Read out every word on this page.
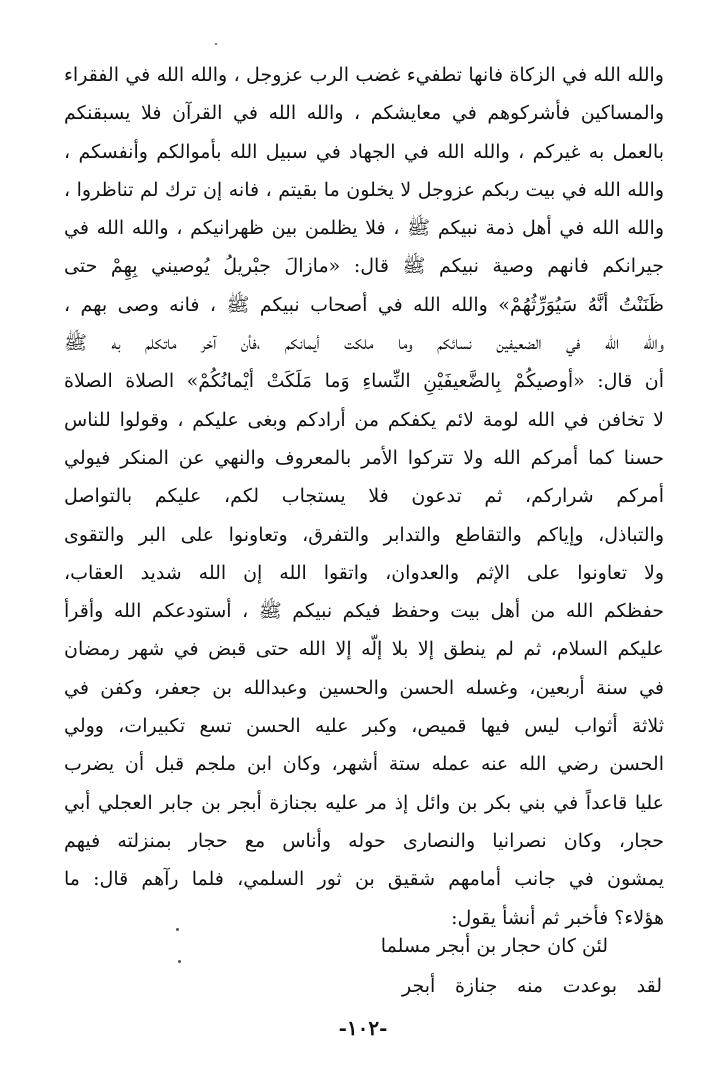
والله الله في الزكاة فانها تطفيء غضب الرب عزوجل ، والله الله في الفقراء
والمساكين فأشركوهم في معايشكم ، والله الله في القرآن فلا يسبقنكم
بالعمل به غيركم ، والله الله في الجهاد في سبيل الله بأموالكم وأنفسكم ،
والله الله في بيت ربكم عزوجل لا يخلون ما بقيتم ، فانه إن ترك لم تناظروا ،
والله الله في أهل ذمة نبيكم ﷺ ، فلا يظلمن بين ظهرانيكم ، والله الله في
جيرانكم فانهم وصية نبيكم ﷺ قال: «مازالَ جبْريلُ يُوصيني بِهِمْ حتى
ظَنَنْتُ أنَّهُ سَيُوَرِّثُهُمْ» والله الله في أصحاب نبيكم ﷺ ، فانه وصى بهم ،
والله الله في الضعيفين نسائكم وما ملكت أيمانكم ،فأن آخر ماتكلم به ﷺ
أن قال: «أوصيكُمْ بِالضَّعيفَيْنِ النِّساءِ وَما مَلَكَتْ أيْمانُكُمْ» الصلاة الصلاة
لا تخافن في الله لومة لائم يكفكم من أرادكم وبغى عليكم ، وقولوا للناس
حسنا كما أمركم الله ولا تتركوا الأمر بالمعروف والنهي عن المنكر فيولي
أمركم شراركم، ثم تدعون فلا يستجاب لكم، عليكم بالتواصل
والتباذل، وإياكم والتقاطع والتدابر والتفرق، وتعاونوا على البر والتقوى
ولا تعاونوا على الإثم والعدوان، واتقوا الله إن الله شديد العقاب،
حفظكم الله من أهل بيت وحفظ فيكم نبيكم ﷺ ، أستودعكم الله وأقرأ
عليكم السلام، ثم لم ينطق إلا بلا إلّه إلا الله حتى قبض في شهر رمضان
في سنة أربعين، وغسله الحسن والحسين وعبدالله بن جعفر، وكفن في
ثلاثة أثواب ليس فيها قميص، وكبر عليه الحسن تسع تكبيرات، وولي
الحسن رضي الله عنه عمله ستة أشهر، وكان ابن ملجم قبل أن يضرب
عليا قاعداً في بني بكر بن وائل إذ مر عليه بجنازة أبجر بن جابر العجلي أبي
حجار، وكان نصرانيا والنصارى حوله وأناس مع حجار بمنزلته فيهم
يمشون في جانب أمامهم شقيق بن ثور السلمي، فلما رآهم قال: ما
هؤلاء؟ فأخبر ثم أنشأ يقول:
لئن كان حجار بن أبجر مسلما
لقد بوعدت منه جنازة أبجر
-١٠٢-
